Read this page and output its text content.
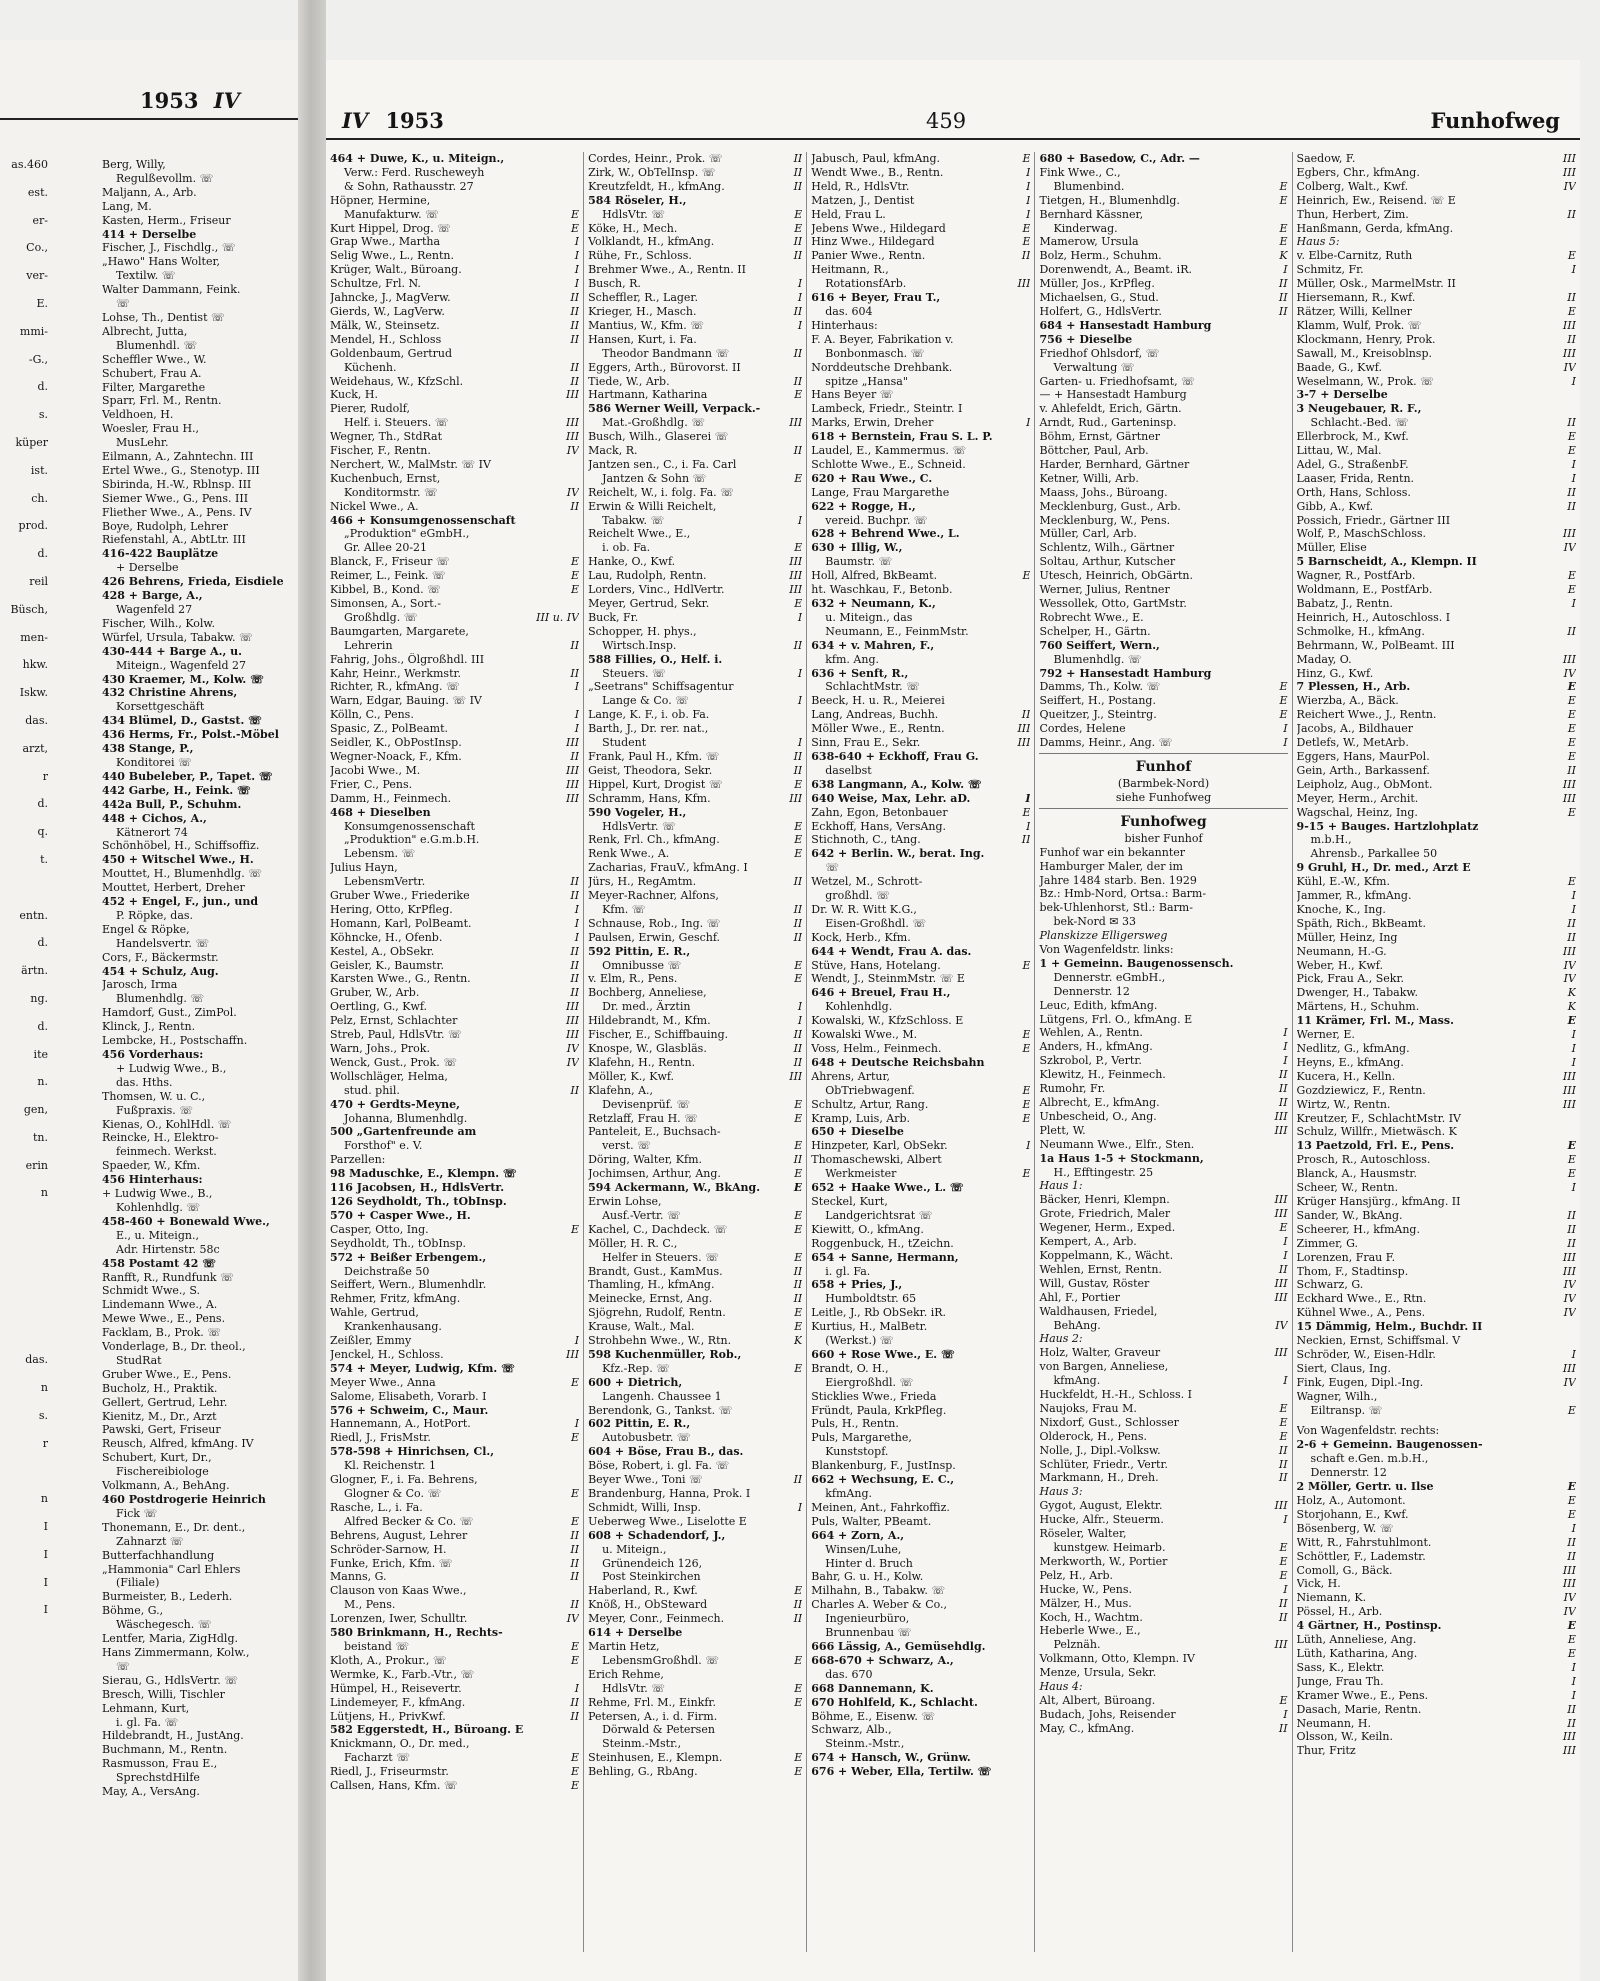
1953 IV
as.460
est.
er-
Co.,
ver-
E.
mmi-
-G.,
d.
s.
küper
ist.
ch.
prod.
d.
reil
Büsch,
men-
hkw.
Iskw.
das.
arzt,
r
d.
q.
t.
entn.
d.
ärtn.
ng.
d.
ite
n.
gen,
tn.
erin
n
das.
n
s.
r
n
I
I
I
I
Berg, Willy,
Regulßevollm. ☏
Maljann, A., Arb.
Lang, M.
Kasten, Herm., Friseur
414 + Derselbe
Fischer, J., Fischdlg., ☏
„Hawo" Hans Wolter,
Textilw. ☏
Walter Dammann, Feink.
☏
Lohse, Th., Dentist ☏
Albrecht, Jutta,
Blumenhdl. ☏
Scheffler Wwe., W.
Schubert, Frau A.
Filter, Margarethe
Sparr, Frl. M., Rentn.
Veldhoen, H.
Woesler, Frau H.,
MusLehr.
Eilmann, A., Zahntechn. III
Ertel Wwe., G., Stenotyp. III
Sbirinda, H.-W., Rblnsp. III
Siemer Wwe., G., Pens. III
Fliether Wwe., A., Pens. IV
Boye, Rudolph, Lehrer
Riefenstahl, A., AbtLtr. III
416-422 Bauplätze
+ Derselbe
426 Behrens, Frieda, Eisdiele
428 + Barge, A.,
Wagenfeld 27
Fischer, Wilh., Kolw.
Würfel, Ursula, Tabakw. ☏
430-444 + Barge A., u.
Miteign., Wagenfeld 27
430 Kraemer, M., Kolw. ☏
432 Christine Ahrens,
Korsettgeschäft
434 Blümel, D., Gastst. ☏
436 Herms, Fr., Polst.-Möbel
438 Stange, P.,
Konditorei ☏
440 Bubeleber, P., Tapet. ☏
442 Garbe, H., Feink. ☏
442a Bull, P., Schuhm.
448 + Cichos, A.,
Kätnerort 74
Schönhöbel, H., Schiffsoffiz.
450 + Witschel Wwe., H.
Mouttet, H., Blumenhdlg. ☏
Mouttet, Herbert, Dreher
452 + Engel, F., jun., und
P. Röpke, das.
Engel & Röpke,
Handelsvertr. ☏
Cors, F., Bäckermstr.
454 + Schulz, Aug.
Jarosch, Irma
Blumenhdlg. ☏
Hamdorf, Gust., ZimPol.
Klinck, J., Rentn.
Lembcke, H., Postschaffn.
456 Vorderhaus:
+ Ludwig Wwe., B.,
das. Hths.
Thomsen, W. u. C.,
Fußpraxis. ☏
Kienas, O., KohlHdl. ☏
Reincke, H., Elektro-
feinmech. Werkst.
Spaeder, W., Kfm.
456 Hinterhaus:
+ Ludwig Wwe., B.,
Kohlenhdlg. ☏
458-460 + Bonewald Wwe.,
E., u. Miteign.,
Adr. Hirtenstr. 58c
458 Postamt 42 ☏
Ranfft, R., Rundfunk ☏
Schmidt Wwe., S.
Lindemann Wwe., A.
Mewe Wwe., E., Pens.
Facklam, B., Prok. ☏
Vonderlage, B., Dr. theol.,
StudRat
Gruber Wwe., E., Pens.
Bucholz, H., Praktik.
Gellert, Gertrud, Lehr.
Kienitz, M., Dr., Arzt
Pawski, Gert, Friseur
Reusch, Alfred, kfmAng. IV
Schubert, Kurt, Dr.,
Fischereibiologe
Volkmann, A., BehAng.
460 Postdrogerie Heinrich
Fick ☏
Thonemann, E., Dr. dent.,
Zahnarzt ☏
Butterfachhandlung
„Hammonia" Carl Ehlers
(Filiale)
Burmeister, B., Lederh.
Böhme, G.,
Wäschegesch. ☏
Lentfer, Maria, ZigHdlg.
Hans Zimmermann, Kolw.,
☏
Sierau, G., HdlsVertr. ☏
Bresch, Willi, Tischler
Lehmann, Kurt,
i. gl. Fa. ☏
Hildebrandt, H., JustAng.
Buchmann, M., Rentn.
Rasmusson, Frau E.,
SprechstdHilfe
May, A., VersAng.
IV 1953	459	Funhofweg
464 + Duwe, K., u. Miteign.,
Verw.: Ferd. Ruscheweyh
& Sohn, Rathausstr. 27
Höpner, Hermine,
E
Manufakturw. ☏
E
Kurt Hippel, Drog. ☏
I
Grap Wwe., Martha
I
Selig Wwe., L., Rentn.
I
Krüger, Walt., Büroang.
I
Schultze, Frl. N.
II
Jahncke, J., MagVerw.
II
Gierds, W., LagVerw.
II
Mälk, W., Steinsetz.
II
Mendel, H., Schloss
Goldenbaum, Gertrud
II
Küchenh.
II
Weidehaus, W., KfzSchl.
III
Kuck, H.
Pierer, Rudolf,
III
Helf. i. Steuers. ☏
III
Wegner, Th., StdRat
IV
Fischer, F., Rentn.
Nerchert, W., MalMstr. ☏ IV
Kuchenbuch, Ernst,
IV
Konditormstr. ☏
II
Nickel Wwe., A.
466 + Konsumgenossenschaft
„Produktion" eGmbH.,
Gr. Allee 20-21
E
Blanck, F., Friseur ☏
E
Reimer, L., Feink. ☏
E
Kibbel, B., Kond. ☏
Simonsen, A., Sort.-
III u. IV
Großhdlg. ☏
Baumgarten, Margarete,
II
Lehrerin
Fahrig, Johs., Ölgroßhdl. III
II
Kahr, Heinr., Werkmstr.
I
Richter, R., kfmAng. ☏
Warn, Edgar, Bauing. ☏ IV
I
Kölln, C., Pens.
I
Spasic, Z., PolBeamt.
III
Seidler, K., ObPostInsp.
II
Wegner-Noack, F., Kfm.
III
Jacobi Wwe., M.
III
Frier, C., Pens.
III
Damm, H., Feinmech.
468 + Dieselben
Konsumgenossenschaft
„Produktion" e.G.m.b.H.
Lebensm. ☏
Julius Hayn,
II
LebensmVertr.
II
Gruber Wwe., Friederike
I
Hering, Otto, KrPfleg.
I
Homann, Karl, PolBeamt.
I
Köhncke, H., Ofenb.
II
Kestel, A., ObSekr.
II
Geisler, K., Baumstr.
II
Karsten Wwe., G., Rentn.
II
Gruber, W., Arb.
III
Oertling, G., Kwf.
III
Pelz, Ernst, Schlachter
III
Streb, Paul, HdlsVtr. ☏
IV
Warn, Johs., Prok.
IV
Wenck, Gust., Prok. ☏
Wollschläger, Helma,
II
stud. phil.
470 + Gerdts-Meyne,
Johanna, Blumenhdlg.
500 „Gartenfreunde am
Forsthof" e. V.
Parzellen:
98 Maduschke, E., Klempn. ☏
116 Jacobsen, H., HdlsVertr.
126 Seydholdt, Th., tObInsp.
570 + Casper Wwe., H.
E
Casper, Otto, Ing.
Seydholdt, Th., tObInsp.
572 + Beißer Erbengem.,
Deichstraße 50
Seiffert, Wern., Blumenhdlr.
Rehmer, Fritz, kfmAng.
Wahle, Gertrud,
Krankenhausang.
I
Zeißler, Emmy
III
Jenckel, H., Schloss.
574 + Meyer, Ludwig, Kfm. ☏
E
Meyer Wwe., Anna
Salome, Elisabeth, Vorarb. I
576 + Schweim, C., Maur.
I
Hannemann, A., HotPort.
E
Riedl, J., FrisMstr.
578-598 + Hinrichsen, Cl.,
Kl. Reichenstr. 1
Glogner, F., i. Fa. Behrens,
E
Glogner & Co. ☏
Rasche, L., i. Fa.
E
Alfred Becker & Co. ☏
II
Behrens, August, Lehrer
II
Schröder-Sarnow, H.
II
Funke, Erich, Kfm. ☏
II
Manns, G.
Clauson von Kaas Wwe.,
II
M., Pens.
IV
Lorenzen, Iwer, Schulltr.
580 Brinkmann, H., Rechts-
E
beistand ☏
E
Kloth, A., Prokur., ☏
Wermke, K., Farb.-Vtr., ☏
I
Hümpel, H., Reisevertr.
II
Lindemeyer, F., kfmAng.
II
Lütjens, H., PrivKwf.
582 Eggerstedt, H., Büroang. E
Knickmann, O., Dr. med.,
E
Facharzt ☏
E
Riedl, J., Friseurmstr.
E
Callsen, Hans, Kfm. ☏
II
Cordes, Heinr., Prok. ☏
II
Zirk, W., ObTelInsp. ☏
II
Kreutzfeldt, H., kfmAng.
584 Röseler, H.,
E
HdlsVtr. ☏
E
Köke, H., Mech.
II
Volklandt, H., kfmAng.
II
Rühe, Fr., Schloss.
Brehmer Wwe., A., Rentn. II
I
Busch, R.
I
Scheffler, R., Lager.
II
Krieger, H., Masch.
I
Mantius, W., Kfm. ☏
Hansen, Kurt, i. Fa.
II
Theodor Bandmann ☏
Eggers, Arth., Bürovorst. II
II
Tiede, W., Arb.
E
Hartmann, Katharina
586 Werner Weill, Verpack.-
III
Mat.-Großhdlg. ☏
Busch, Wilh., Glaserei ☏
II
Mack, R.
Jantzen sen., C., i. Fa. Carl
E
Jantzen & Sohn ☏
Reichelt, W., i. folg. Fa. ☏
Erwin & Willi Reichelt,
I
Tabakw. ☏
Reichelt Wwe., E.,
E
i. ob. Fa.
III
Hanke, O., Kwf.
III
Lau, Rudolph, Rentn.
III
Lorders, Vinc., HdlVertr.
E
Meyer, Gertrud, Sekr.
I
Buck, Fr.
Schopper, H. phys.,
II
Wirtsch.Insp.
588 Fillies, O., Helf. i.
I
Steuers. ☏
„Seetrans" Schiffsagentur
I
Lange & Co. ☏
Lange, K. F., i. ob. Fa.
Barth, J., Dr. rer. nat.,
I
Student
II
Frank, Paul H., Kfm. ☏
II
Geist, Theodora, Sekr.
E
Hippel, Kurt, Drogist ☏
III
Schramm, Hans, Kfm.
590 Vogeler, H.,
E
HdlsVertr. ☏
E
Renk, Frl. Ch., kfmAng.
E
Renk Wwe., A.
Zacharias, FrauV., kfmAng. I
II
Jürs, H., RegAmtm.
Meyer-Rachner, Alfons,
II
Kfm. ☏
II
Schnause, Rob., Ing. ☏
II
Paulsen, Erwin, Geschf.
592 Pittin, E. R.,
E
Omnibusse ☏
E
v. Elm, R., Pens.
Bochberg, Anneliese,
I
Dr. med., Ärztin
I
Hildebrandt, M., Kfm.
II
Fischer, E., Schiffbauing.
II
Knospe, W., Glasbläs.
II
Klafehn, H., Rentn.
III
Möller, K., Kwf.
Klafehn, A.,
E
Devisenprüf. ☏
E
Retzlaff, Frau H. ☏
Panteleit, E., Buchsach-
E
verst. ☏
II
Döring, Walter, Kfm.
E
Jochimsen, Arthur, Ang.
E
594 Ackermann, W., BkAng.
Erwin Lohse,
E
Ausf.-Vertr. ☏
E
Kachel, C., Dachdeck. ☏
Möller, H. R. C.,
E
Helfer in Steuers. ☏
II
Brandt, Gust., KamMus.
II
Thamling, H., kfmAng.
II
Meinecke, Ernst, Ang.
E
Sjögrehn, Rudolf, Rentn.
E
Krause, Walt., Mal.
K
Strohbehn Wwe., W., Rtn.
598 Kuchenmüller, Rob.,
E
Kfz.-Rep. ☏
600 + Dietrich,
Langenh. Chaussee 1
Berendonk, G., Tankst. ☏
602 Pittin, E. R.,
Autobusbetr. ☏
604 + Böse, Frau B., das.
Böse, Robert, i. gl. Fa. ☏
II
Beyer Wwe., Toni ☏
Brandenburg, Hanna, Prok. I
I
Schmidt, Willi, Insp.
Ueberweg Wwe., Liselotte E
608 + Schadendorf, J.,
u. Miteign.,
Grünendeich 126,
Post Steinkirchen
E
Haberland, R., Kwf.
II
Knöß, H., ObSteward
II
Meyer, Conr., Feinmech.
614 + Derselbe
Martin Hetz,
E
LebensmGroßhdl. ☏
Erich Rehme,
E
HdlsVtr. ☏
E
Rehme, Frl. M., Einkfr.
Petersen, A., i. d. Firm.
Dörwald & Petersen
Steinm.-Mstr.,
E
Steinhusen, E., Klempn.
E
Behling, G., RbAng.
E
Jabusch, Paul, kfmAng.
I
Wendt Wwe., B., Rentn.
I
Held, R., HdlsVtr.
I
Matzen, J., Dentist
I
Held, Frau L.
E
Jebens Wwe., Hildegard
E
Hinz Wwe., Hildegard
II
Panier Wwe., Rentn.
Heitmann, R.,
III
RotationsfArb.
616 + Beyer, Frau T.,
das. 604
Hinterhaus:
F. A. Beyer, Fabrikation v.
Bonbonmasch. ☏
Norddeutsche Drehbank.
spitze „Hansa"
Hans Beyer ☏
Lambeck, Friedr., Steintr. I
I
Marks, Erwin, Dreher
618 + Bernstein, Frau S. L. P.
Laudel, E., Kammermus. ☏
Schlotte Wwe., E., Schneid.
620 + Rau Wwe., C.
Lange, Frau Margarethe
622 + Rogge, H.,
vereid. Buchpr. ☏
628 + Behrend Wwe., L.
630 + Illig, W.,
Baumstr. ☏
E
Holl, Alfred, BkBeamt.
ht. Waschkau, F., Betonb.
632 + Neumann, K.,
u. Miteign., das
Neumann, E., FeinmMstr.
634 + v. Mahren, F.,
kfm. Ang.
636 + Senft, R.,
SchlachtMstr. ☏
Beeck, H. u. R., Meierei
II
Lang, Andreas, Buchh.
III
Möller Wwe., E., Rentn.
III
Sinn, Frau E., Sekr.
638-640 + Eckhoff, Frau G.
daselbst
638 Langmann, A., Kolw. ☏
I
640 Weise, Max, Lehr. aD.
E
Zahn, Egon, Betonbauer
I
Eckhoff, Hans, VersAng.
II
Stichnoth, C., tAng.
642 + Berlin. W., berat. Ing.
☏
Wetzel, M., Schrott-
großhdl. ☏
Dr. W. R. Witt K.G.,
Eisen-Großhdl. ☏
Kock, Herb., Kfm.
644 + Wendt, Frau A. das.
E
Stüve, Hans, Hotelang.
Wendt, J., SteinmMstr. ☏ E
646 + Breuel, Frau H.,
Kohlenhdlg.
Kowalski, W., KfzSchloss. E
E
Kowalski Wwe., M.
E
Voss, Helm., Feinmech.
648 + Deutsche Reichsbahn
Ahrens, Artur,
E
ObTriebwagenf.
E
Schultz, Artur, Rang.
E
Kramp, Luis, Arb.
650 + Dieselbe
I
Hinzpeter, Karl, ObSekr.
Thomaschewski, Albert
E
Werkmeister
652 + Haake Wwe., L. ☏
Steckel, Kurt,
Landgerichtsrat ☏
Kiewitt, O., kfmAng.
Roggenbuck, H., tZeichn.
654 + Sanne, Hermann,
i. gl. Fa.
658 + Pries, J.,
Humboldtstr. 65
Leitle, J., Rb ObSekr. iR.
Kurtius, H., MalBetr.
(Werkst.) ☏
660 + Rose Wwe., E. ☏
Brandt, O. H.,
Eiergroßhdl. ☏
Sticklies Wwe., Frieda
Fründt, Paula, KrkPfleg.
Puls, H., Rentn.
Puls, Margarethe,
Kunststopf.
Blankenburg, F., JustInsp.
662 + Wechsung, E. C.,
kfmAng.
Meinen, Ant., Fahrkoffiz.
Puls, Walter, PBeamt.
664 + Zorn, A.,
Winsen/Luhe,
Hinter d. Bruch
Bahr, G. u. H., Kolw.
Milhahn, B., Tabakw. ☏
Charles A. Weber & Co.,
Ingenieurbüro,
Brunnenbau ☏
666 Lässig, A., Gemüsehdlg.
668-670 + Schwarz, A.,
das. 670
668 Dannemann, K.
670 Hohlfeld, K., Schlacht.
Böhme, E., Eisenw. ☏
Schwarz, Alb.,
Steinm.-Mstr.,
674 + Hansch, W., Grünw.
676 + Weber, Ella, Tertilw. ☏
680 + Basedow, C., Adr. —
Fink Wwe., C.,
E
Blumenbind.
E
Tietgen, H., Blumenhdlg.
Bernhard Kässner,
E
Kinderwag.
E
Mamerow, Ursula
K
Bolz, Herm., Schuhm.
I
Dorenwendt, A., Beamt. iR.
II
Müller, Jos., KrPfleg.
II
Michaelsen, G., Stud.
II
Holfert, G., HdlsVertr.
684 + Hansestadt Hamburg
756 + Dieselbe
Friedhof Ohlsdorf, ☏
Verwaltung ☏
Garten- u. Friedhofsamt, ☏
— + Hansestadt Hamburg
v. Ahlefeldt, Erich, Gärtn.
Arndt, Rud., Garteninsp.
Böhm, Ernst, Gärtner
Böttcher, Paul, Arb.
Harder, Bernhard, Gärtner
Ketner, Willi, Arb.
Maass, Johs., Büroang.
Mecklenburg, Gust., Arb.
Mecklenburg, W., Pens.
Müller, Carl, Arb.
Schlentz, Wilh., Gärtner
Soltau, Arthur, Kutscher
Utesch, Heinrich, ObGärtn.
Werner, Julius, Rentner
Wessollek, Otto, GartMstr.
Robrecht Wwe., E.
Schelper, H., Gärtn.
760 Seiffert, Wern.,
Blumenhdlg. ☏
792 + Hansestadt Hamburg
E
Damms, Th., Kolw. ☏
E
Seiffert, H., Postang.
E
Queitzer, J., Steintrg.
I
Cordes, Helene
I
Damms, Heinr., Ang. ☏
Funhof
(Barmbek-Nord)
siehe Funhofweg
Funhofweg
bisher Funhof
Funhof war ein bekannter
Hamburger Maler, der im
Jahre 1484 starb. Ben. 1929
Bz.: Hmb-Nord, Ortsa.: Barm-
bek-Uhlenhorst, Stl.: Barm-
bek-Nord ✉ 33
Planskizze Elligersweg
Von Wagenfeldstr. links:
1 + Gemeinn. Baugenossensch.
Dennerstr. eGmbH.,
Dennerstr. 12
Leuc, Edith, kfmAng.
Lütgens, Frl. O., kfmAng. E
I
Wehlen, A., Rentn.
I
Anders, H., kfmAng.
I
Szkrobol, P., Vertr.
II
Klewitz, H., Feinmech.
II
Rumohr, Fr.
II
Albrecht, E., kfmAng.
III
Unbescheid, O., Ang.
III
Plett, W.
Neumann Wwe., Elfr., Sten.
1a Haus 1-5 + Stockmann,
H., Efftingestr. 25
Haus 1:
III
Bäcker, Henri, Klempn.
III
Grote, Friedrich, Maler
E
Wegener, Herm., Exped.
I
Kempert, A., Arb.
I
Koppelmann, K., Wächt.
II
Wehlen, Ernst, Rentn.
III
Will, Gustav, Röster
III
Ahl, F., Portier
Waldhausen, Friedel,
IV
BehAng.
Haus 2:
III
Holz, Walter, Graveur
von Bargen, Anneliese,
I
kfmAng.
Huckfeldt, H.-H., Schloss. I
E
Naujoks, Frau M.
E
Nixdorf, Gust., Schlosser
E
Olderock, H., Pens.
II
Nolle, J., Dipl.-Volksw.
II
Schlüter, Friedr., Vertr.
II
Markmann, H., Dreh.
Haus 3:
III
Gygot, August, Elektr.
I
Hucke, Alfr., Steuerm.
Röseler, Walter,
E
kunstgew. Heimarb.
E
Merkworth, W., Portier
E
Pelz, H., Arb.
I
Hucke, W., Pens.
II
Mälzer, H., Mus.
II
Koch, H., Wachtm.
Heberle Wwe., E.,
III
Pelznäh.
Volkmann, Otto, Klempn. IV
Menze, Ursula, Sekr.
Haus 4:
E
Alt, Albert, Büroang.
I
Budach, Johs, Reisender
II
May, C., kfmAng.
III
Saedow, F.
III
Egbers, Chr., kfmAng.
IV
Colberg, Walt., Kwf.
Heinrich, Ew., Reisend. ☏ E
II
Thun, Herbert, Zim.
Hanßmann, Gerda, kfmAng.
Haus 5:
E
v. Elbe-Carnitz, Ruth
I
Schmitz, Fr.
Müller, Osk., MarmelMstr. II
II
Hiersemann, R., Kwf.
E
Rätzer, Willi, Kellner
III
Klamm, Wulf, Prok. ☏
II
Klockmann, Henry, Prok.
III
Sawall, M., Kreisoblnsp.
IV
Baade, G., Kwf.
I
Weselmann, W., Prok. ☏
3-7 + Derselbe
3 Neugebauer, R. F.,
II
Schlacht.-Bed. ☏
E
Ellerbrock, M., Kwf.
E
Littau, W., Mal.
I
Adel, G., StraßenbF.
I
Laaser, Frida, Rentn.
II
Orth, Hans, Schloss.
II
Gibb, A., Kwf.
Possich, Friedr., Gärtner III
III
Wolf, P., MaschSchloss.
IV
Müller, Elise
5 Barnscheidt, A., Klempn. II
E
Wagner, R., PostfArb.
E
Woldmann, E., PostfArb.
I
Babatz, J., Rentn.
Heinrich, H., Autoschloss. I
II
Schmolke, H., kfmAng.
Behrmann, W., PolBeamt. III
III
Maday, O.
IV
Hinz, G., Kwf.
E
7 Plessen, H., Arb.
E
Wierzba, A., Bäck.
E
Reichert Wwe., J., Rentn.
E
Jacobs, A., Bildhauer
E
Detlefs, W., MetArb.
E
Eggers, Hans, MaurPol.
II
Gein, Arth., Barkassenf.
III
Leipholz, Aug., ObMont.
III
Meyer, Herm., Archit.
E
Wagschal, Heinz, Ing.
9-15 + Bauges. Hartzlohplatz
m.b.H.,
Ahrensb., Parkallee 50
9 Gruhl, H., Dr. med., Arzt E
E
Kühl, E.-W., Kfm.
I
Jammer, R., kfmAng.
I
Knoche, K., Ing.
II
Späth, Rich., BkBeamt.
II
Müller, Heinz, Ing
III
Neumann, H.-G.
IV
Weber, H., Kwf.
IV
Pick, Frau A., Sekr.
K
Dwenger, H., Tabakw.
K
Märtens, H., Schuhm.
E
11 Krämer, Frl. M., Mass.
I
Werner, E.
I
Nedlitz, G., kfmAng.
I
Heyns, E., kfmAng.
III
Kucera, H., Kelln.
III
Gozdziewicz, F., Rentn.
III
Wirtz, W., Rentn.
Kreutzer, F., SchlachtMstr. IV
Schulz, Willfr., Mietwäsch. K
E
13 Paetzold, Frl. E., Pens.
E
Prosch, R., Autoschloss.
E
Blanck, A., Hausmstr.
I
Scheer, W., Rentn.
Krüger Hansjürg., kfmAng. II
II
Sander, W., BkAng.
II
Scheerer, H., kfmAng.
II
Zimmer, G.
III
Lorenzen, Frau F.
III
Thom, F., Stadtinsp.
IV
Schwarz, G.
IV
Eckhard Wwe., E., Rtn.
IV
Kühnel Wwe., A., Pens.
15 Dämmig, Helm., Buchdr. II
Neckien, Ernst, Schiffsmal. V
I
Schröder, W., Eisen-Hdlr.
III
Siert, Claus, Ing.
IV
Fink, Eugen, Dipl.-Ing.
Wagner, Wilh.,
E
Eiltransp. ☏
Von Wagenfeldstr. rechts:
2-6 + Gemeinn. Baugenossen-
schaft e.Gen. m.b.H.,
Dennerstr. 12
E
2 Möller, Gertr. u. Ilse
E
Holz, A., Automont.
E
Storjohann, E., Kwf.
I
Bösenberg, W. ☏
II
Witt, R., Fahrstuhlmont.
II
Schöttler, F., Lademstr.
III
Comoll, G., Bäck.
III
Vick, H.
IV
Niemann, K.
IV
Pössel, H., Arb.
E
4 Gärtner, H., Postinsp.
E
Lüth, Anneliese, Ang.
E
Lüth, Katharina, Ang.
I
Sass, K., Elektr.
I
Junge, Frau Th.
I
Kramer Wwe., E., Pens.
II
Dasach, Marie, Rentn.
II
Neumann, H.
III
Olsson, W., Keiln.
III
Thur, Fritz
